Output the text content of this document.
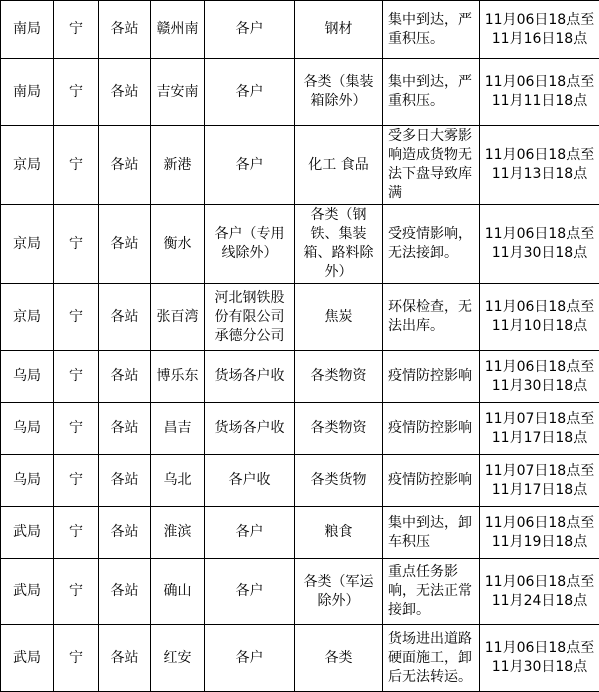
南局	宁	各站	赣州南	各户	钢材	集中到达，严重积压。	11月06日18点至11月16日18点
南局	宁	各站	吉安南	各户	各类（集装箱除外）	集中到达，严重积压。	11月06日18点至11月11日18点
京局	宁	各站	新港	各户	化工 食品	受多日大雾影响造成货物无法下盘导致库满	11月06日18点至11月13日18点
京局	宁	各站	衡水	各户（专用线除外）	各类（钢铁、集装箱、路料除外）	受疫情影响，无法接卸。	11月06日18点至11月30日18点
京局	宁	各站	张百湾	河北钢铁股份有限公司承德分公司	焦炭	环保检查，无法出库。	11月06日18点至11月10日18点
乌局	宁	各站	博乐东	货场各户收	各类物资	疫情防控影响	11月06日18点至11月30日18点
乌局	宁	各站	昌吉	货场各户收	各类物资	疫情防控影响	11月07日18点至11月17日18点
乌局	宁	各站	乌北	各户收	各类货物	疫情防控影响	11月07日18点至11月17日18点
武局	宁	各站	淮滨	各户	粮食	集中到达，卸车积压	11月06日18点至11月19日18点
武局	宁	各站	确山	各户	各类（军运除外）	重点任务影响，无法正常接卸。	11月06日18点至11月24日18点
武局	宁	各站	红安	各户	各类	货场进出道路硬面施工，卸后无法转运。	11月06日18点至11月30日18点
